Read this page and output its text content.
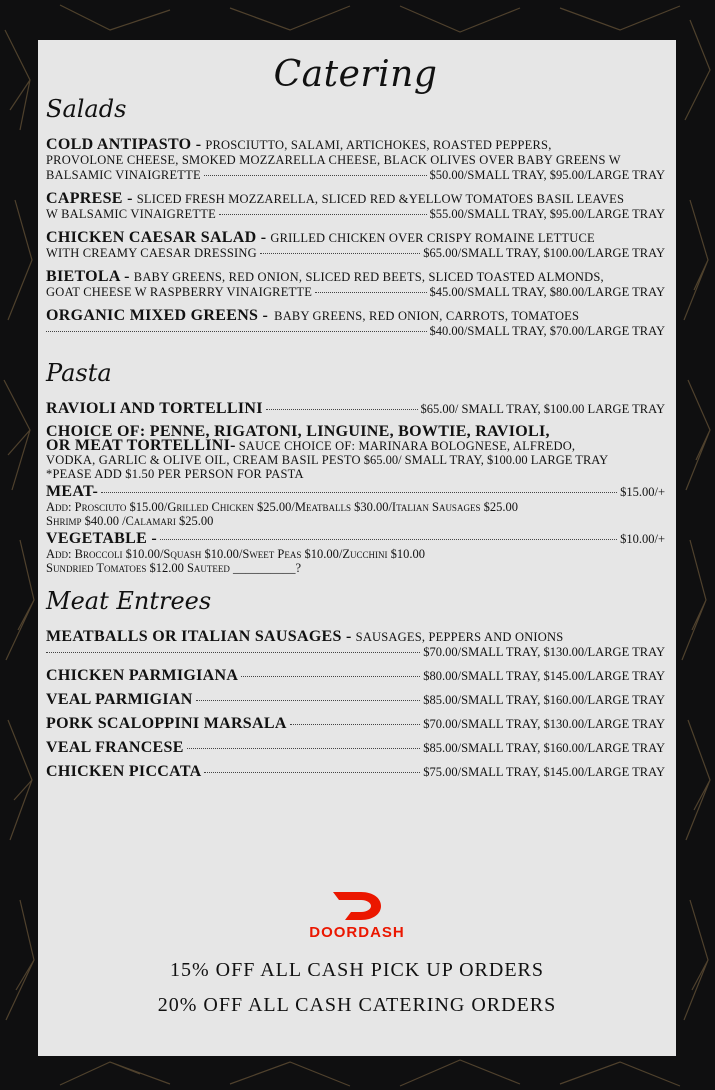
Catering
Salads
COLD ANTIPASTO - PROSCIUTTO, SALAMI, ARTICHOKES, ROASTED PEPPERS,
PROVOLONE CHEESE, SMOKED MOZZARELLA CHEESE, BLACK OLIVES OVER BABY GREENS W
BALSAMIC VINAIGRETTE	$50.00/SMALL TRAY, $95.00/LARGE TRAY
CAPRESE - SLICED FRESH MOZZARELLA, SLICED RED &YELLOW TOMATOES BASIL LEAVES
W BALSAMIC VINAIGRETTE	$55.00/SMALL TRAY, $95.00/LARGE TRAY
CHICKEN CAESAR SALAD - GRILLED CHICKEN OVER CRISPY ROMAINE LETTUCE
WITH CREAMY CAESAR DRESSING	$65.00/SMALL TRAY, $100.00/LARGE TRAY
BIETOLA - BABY GREENS, RED ONION, SLICED RED BEETS, SLICED TOASTED ALMONDS,
GOAT CHEESE W RASPBERRY VINAIGRETTE	$45.00/SMALL TRAY, $80.00/LARGE TRAY
ORGANIC MIXED GREENS - BABY GREENS, RED ONION, CARROTS, TOMATOES
$40.00/SMALL TRAY, $70.00/LARGE TRAY
Pasta
RAVIOLI AND TORTELLINI	$65.00/ SMALL TRAY, $100.00 LARGE TRAY
CHOICE OF: PENNE, RIGATONI, LINGUINE, BOWTIE, RAVIOLI,
OR MEAT TORTELLINI- SAUCE CHOICE OF: MARINARA BOLOGNESE, ALFREDO,
VODKA, GARLIC & OLIVE OIL, CREAM BASIL PESTO $65.00/ SMALL TRAY, $100.00 LARGE TRAY
*PEASE ADD $1.50 PER PERSON FOR PASTA
MEAT-	$15.00/+
Add: Prosciuto $15.00/Grilled Chicken $25.00/Meatballs $30.00/Italian Sausages $25.00
Shrimp $40.00 /Calamari $25.00
VEGETABLE -	$10.00/+
Add: Broccoli $10.00/Squash $10.00/Sweet Peas $10.00/Zucchini $10.00
Sundried Tomatoes $12.00 Sauteed __________?
Meat Entrees
MEATBALLS OR ITALIAN SAUSAGES - SAUSAGES, PEPPERS AND ONIONS
$70.00/SMALL TRAY, $130.00/LARGE TRAY
CHICKEN PARMIGIANA	$80.00/SMALL TRAY, $145.00/LARGE TRAY
VEAL PARMIGIAN	$85.00/SMALL TRAY, $160.00/LARGE TRAY
PORK SCALOPPINI MARSALA	$70.00/SMALL TRAY, $130.00/LARGE TRAY
VEAL FRANCESE	$85.00/SMALL TRAY, $160.00/LARGE TRAY
CHICKEN PICCATA	$75.00/SMALL TRAY, $145.00/LARGE TRAY
DOORDASH
15% OFF ALL CASH PICK UP ORDERS
20% OFF ALL CASH CATERING ORDERS
